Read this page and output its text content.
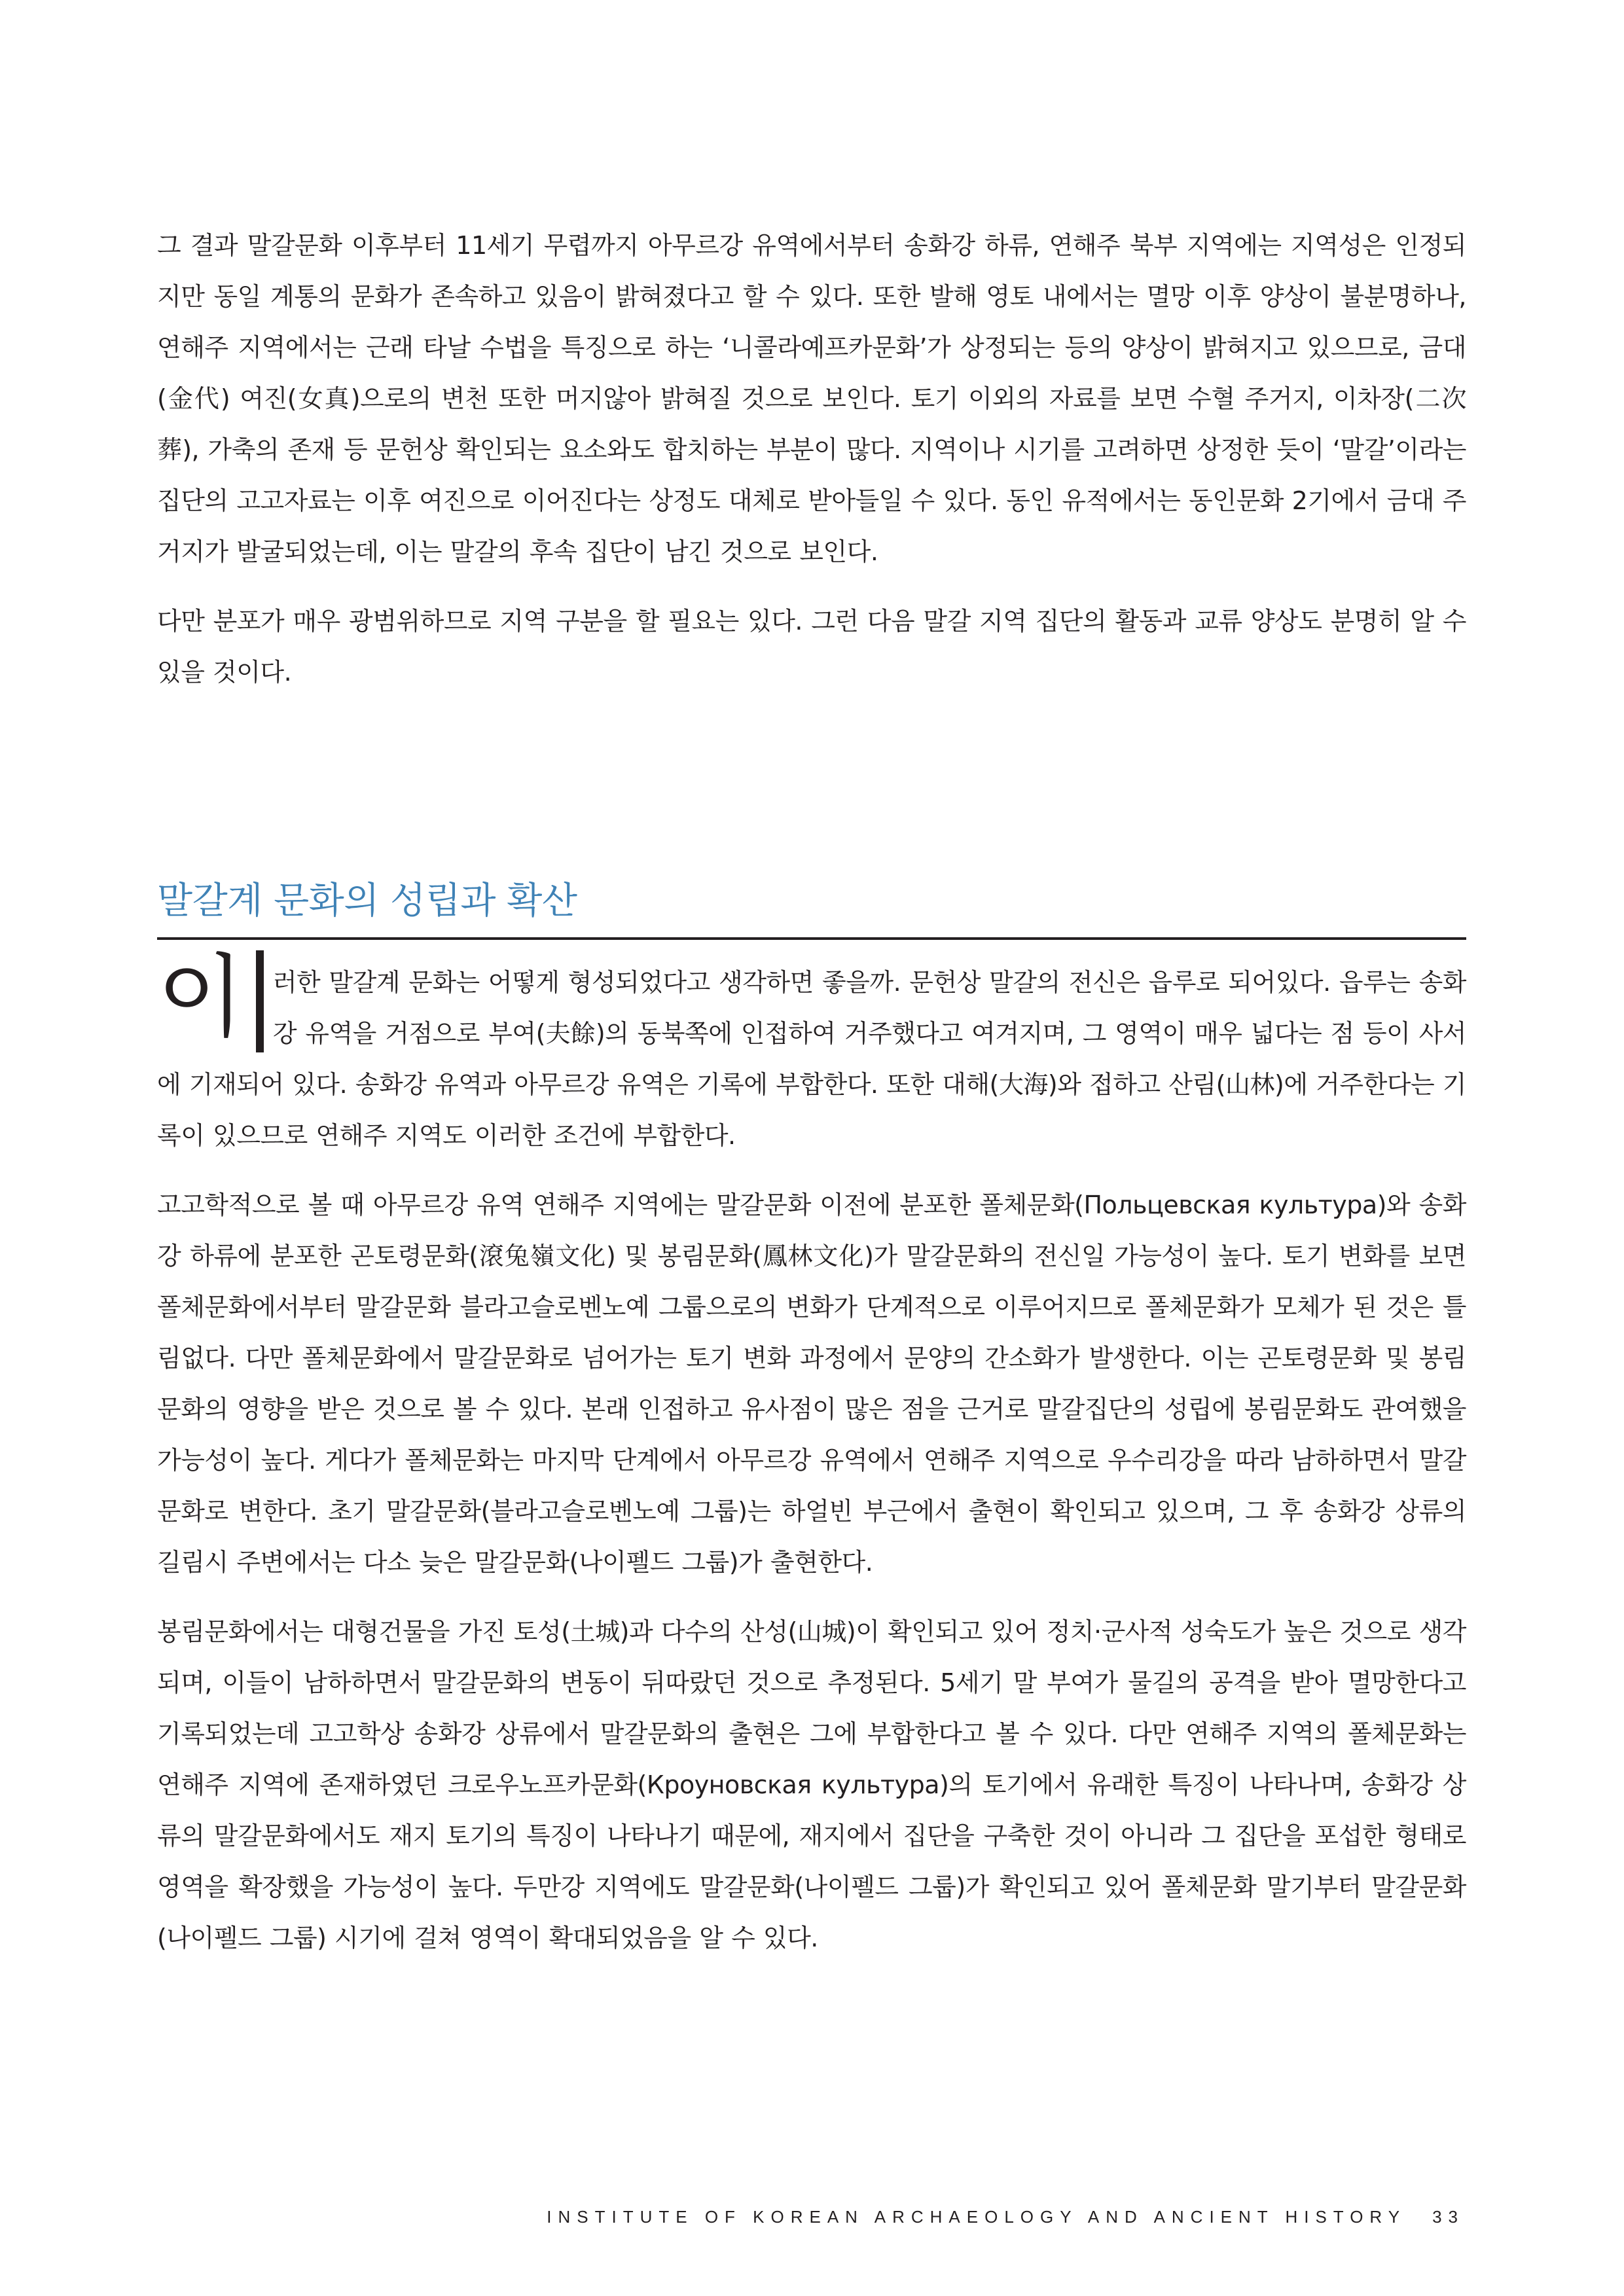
그 결과 말갈문화 이후부터 11세기 무렵까지 아무르강 유역에서부터 송화강 하류, 연해주 북부 지역에는 지역성은 인정되지만 동일 계통의 문화가 존속하고 있음이 밝혀졌다고 할 수 있다. 또한 발해 영토 내에서는 멸망 이후 양상이 불분명하나, 연해주 지역에서는 근래 타날 수법을 특징으로 하는 ‘니콜라예프카문화’가 상정되는 등의 양상이 밝혀지고 있으므로, 금대(金代) 여진(女真)으로의 변천 또한 머지않아 밝혀질 것으로 보인다. 토기 이외의 자료를 보면 수혈 주거지, 이차장(二次葬), 가축의 존재 등 문헌상 확인되는 요소와도 합치하는 부분이 많다. 지역이나 시기를 고려하면 상정한 듯이 ‘말갈’이라는 집단의 고고자료는 이후 여진으로 이어진다는 상정도 대체로 받아들일 수 있다. 동인 유적에서는 동인문화 2기에서 금대 주거지가 발굴되었는데, 이는 말갈의 후속 집단이 남긴 것으로 보인다.

다만 분포가 매우 광범위하므로 지역 구분을 할 필요는 있다. 그런 다음 말갈 지역 집단의 활동과 교류 양상도 분명히 알 수 있을 것이다.

말갈계 문화의 성립과 확산

이 러한 말갈계 문화는 어떻게 형성되었다고 생각하면 좋을까. 문헌상 말갈의 전신은 읍루로 되어있다. 읍루는 송화강 유역을 거점으로 부여(夫餘)의 동북쪽에 인접하여 거주했다고 여겨지며, 그 영역이 매우 넓다는 점 등이 사서에 기재되어 있다. 송화강 유역과 아무르강 유역은 기록에 부합한다. 또한 대해(大海)와 접하고 산림(山林)에 거주한다는 기록이 있으므로 연해주 지역도 이러한 조건에 부합한다.

고고학적으로 볼 때 아무르강 유역 연해주 지역에는 말갈문화 이전에 분포한 폴체문화(Польцевская культура)와 송화강 하류에 분포한 곤토령문화(滾兔嶺文化) 및 봉림문화(鳳林文化)가 말갈문화의 전신일 가능성이 높다. 토기 변화를 보면 폴체문화에서부터 말갈문화 블라고슬로벤노예 그룹으로의 변화가 단계적으로 이루어지므로 폴체문화가 모체가 된 것은 틀림없다. 다만 폴체문화에서 말갈문화로 넘어가는 토기 변화 과정에서 문양의 간소화가 발생한다. 이는 곤토령문화 및 봉림문화의 영향을 받은 것으로 볼 수 있다. 본래 인접하고 유사점이 많은 점을 근거로 말갈집단의 성립에 봉림문화도 관여했을 가능성이 높다. 게다가 폴체문화는 마지막 단계에서 아무르강 유역에서 연해주 지역으로 우수리강을 따라 남하하면서 말갈문화로 변한다. 초기 말갈문화(블라고슬로벤노예 그룹)는 하얼빈 부근에서 출현이 확인되고 있으며, 그 후 송화강 상류의 길림시 주변에서는 다소 늦은 말갈문화(나이펠드 그룹)가 출현한다.

봉림문화에서는 대형건물을 가진 토성(土城)과 다수의 산성(山城)이 확인되고 있어 정치·군사적 성숙도가 높은 것으로 생각되며, 이들이 남하하면서 말갈문화의 변동이 뒤따랐던 것으로 추정된다. 5세기 말 부여가 물길의 공격을 받아 멸망한다고 기록되었는데 고고학상 송화강 상류에서 말갈문화의 출현은 그에 부합한다고 볼 수 있다. 다만 연해주 지역의 폴체문화는 연해주 지역에 존재하였던 크로우노프카문화(Кроуновская культура)의 토기에서 유래한 특징이 나타나며, 송화강 상류의 말갈문화에서도 재지 토기의 특징이 나타나기 때문에, 재지에서 집단을 구축한 것이 아니라 그 집단을 포섭한 형태로 영역을 확장했을 가능성이 높다. 두만강 지역에도 말갈문화(나이펠드 그룹)가 확인되고 있어 폴체문화 말기부터 말갈문화(나이펠드 그룹) 시기에 걸쳐 영역이 확대되었음을 알 수 있다.

INSTITUTE OF KOREAN ARCHAEOLOGY AND ANCIENT HISTORY 33
